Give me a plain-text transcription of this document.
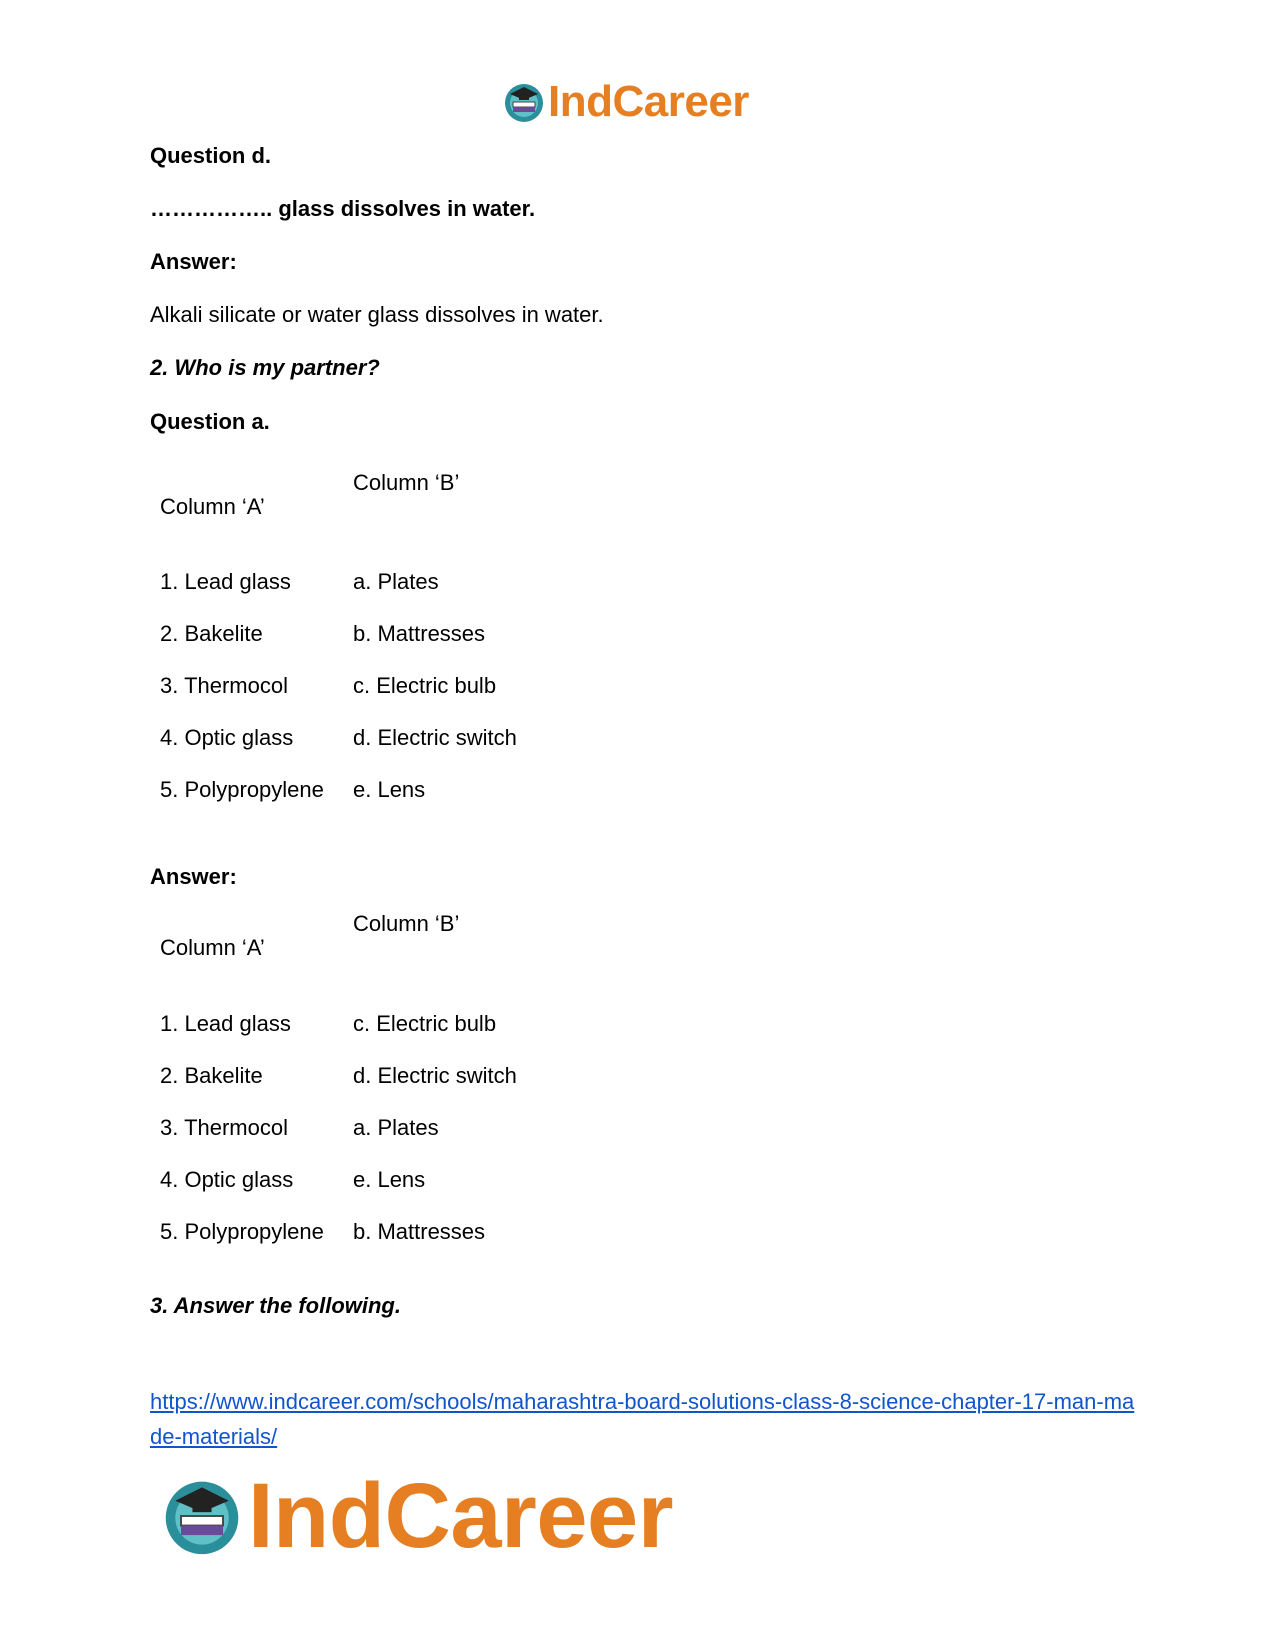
IndCareer
Question d.
…………….. glass dissolves in water.
Answer:
Alkali silicate or water glass dissolves in water.
2. Who is my partner?
Question a.
Column ‘A’
Column ‘B’
1. Lead glass	a. Plates
2. Bakelite	b. Mattresses
3. Thermocol	c. Electric bulb
4. Optic glass	d. Electric switch
5. Polypropylene e. Lens
Answer:
Column ‘A’
Column ‘B’
1. Lead glass	c. Electric bulb
2. Bakelite	d. Electric switch
3. Thermocol	a. Plates
4. Optic glass	e. Lens
5. Polypropylene b. Mattresses
3. Answer the following.
https://www.indcareer.com/schools/maharashtra-board-solutions-class-8-science-chapter-17-man-made-materials/
IndCareer
